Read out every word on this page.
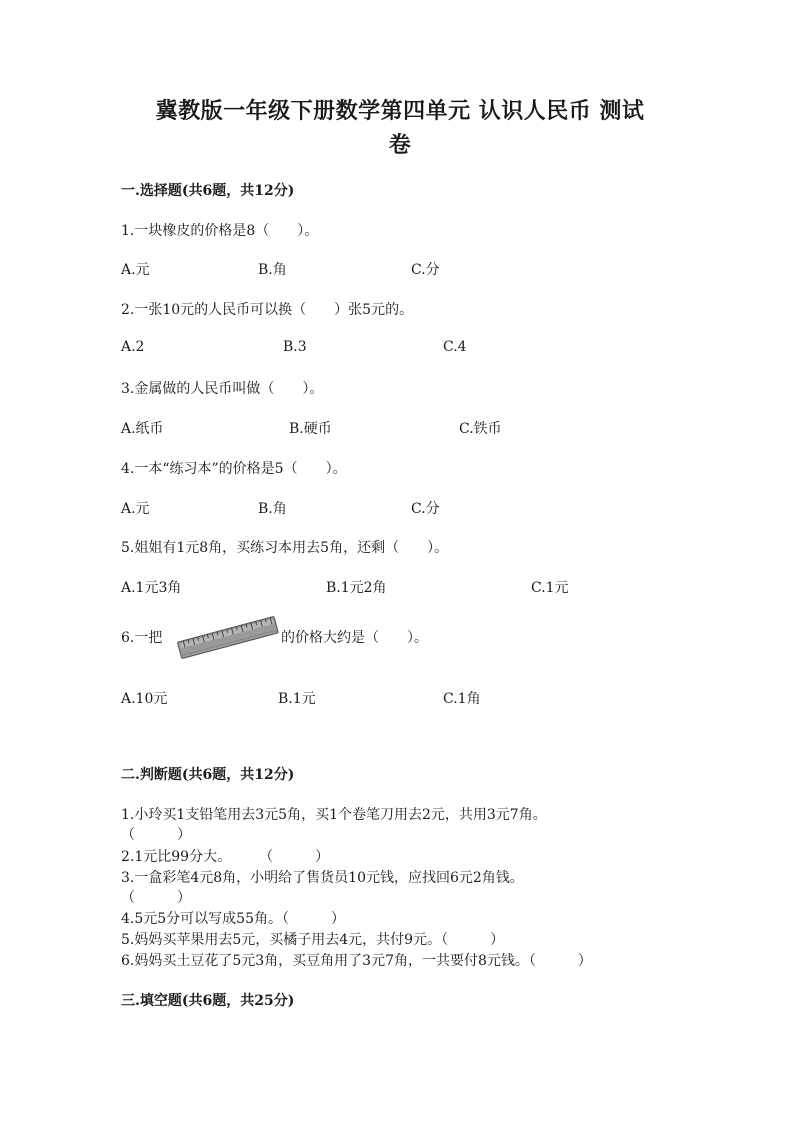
冀教版一年级下册数学第四单元 认识人民币 测试
卷
一.选择题(共6题，共12分)
1.一块橡皮的价格是8（　　）。
A.元	B.角	C.分
2.一张10元的人民币可以换（　　）张5元的。
A.2	B.3	C.4
3.金属做的人民币叫做（　　）。
A.纸币	B.硬币	C.铁币
4.一本“练习本”的价格是5（　　）。
A.元	B.角	C.分
5.姐姐有1元8角，买练习本用去5角，还剩（　　）。
A.1元3角	B.1元2角	C.1元
6.一把	的价格大约是（　　）。
A.10元	B.1元	C.1角
二.判断题(共6题，共12分)
1.小玲买1支铅笔用去3元5角，买1个卷笔刀用去2元，共用3元7角。
（　　　）
2.1元比99分大。　　　（　　　）
3.一盒彩笔4元8角，小明给了售货员10元钱，应找回6元2角钱。
（　　　）
4.5元5分可以写成55角。（　　　）
5.妈妈买苹果用去5元，买橘子用去4元，共付9元。（　　　）
6.妈妈买土豆花了5元3角，买豆角用了3元7角，一共要付8元钱。（　　　）
三.填空题(共6题，共25分)
